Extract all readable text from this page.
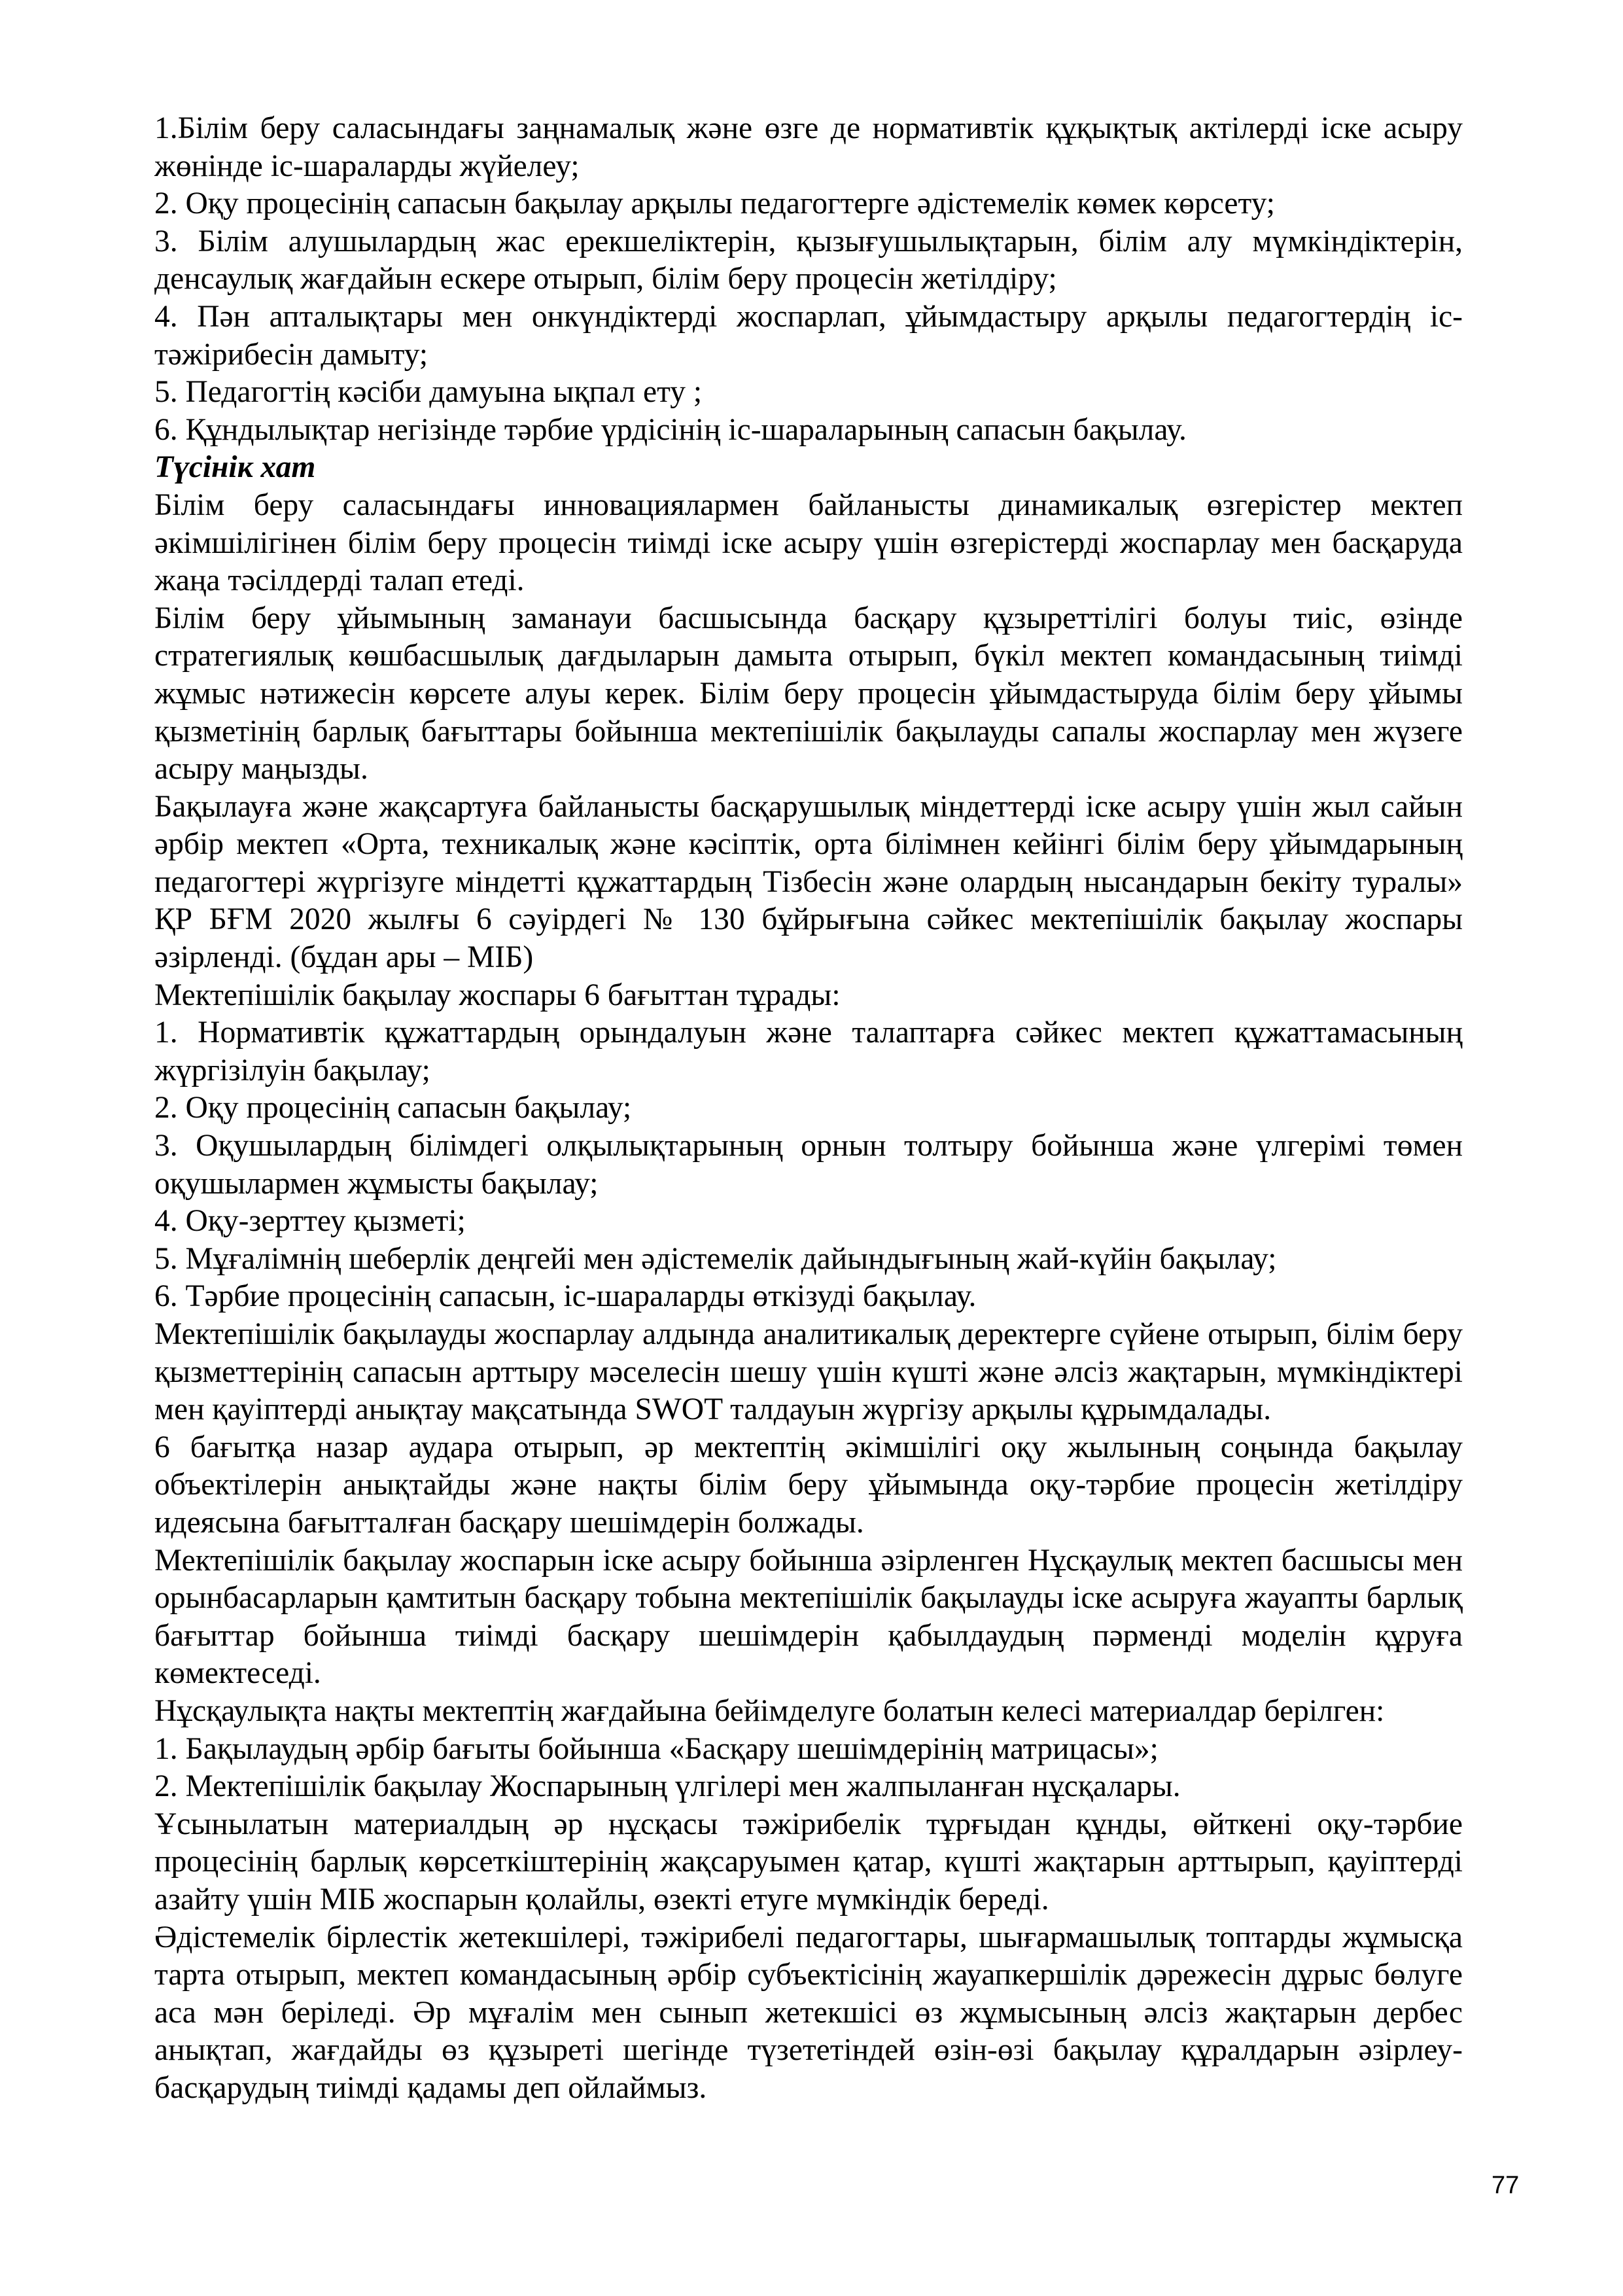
1.Білім беру саласындағы заңнамалық және өзге де нормативтік құқықтық актілерді іске асыру жөнінде іс-шараларды жүйелеу;

2. Оқу процесінің сапасын бақылау арқылы педагогтерге әдістемелік көмек көрсету;

3. Білім алушылардың жас ерекшеліктерін, қызығушылықтарын, білім алу мүмкіндіктерін, денсаулық жағдайын ескере отырып, білім беру процесін жетілдіру;

4. Пән апталықтары мен онкүндіктерді жоспарлап, ұйымдастыру арқылы педагогтердің іс-тәжірибесін дамыту;

5. Педагогтің кәсіби дамуына ықпал ету ;

6. Құндылықтар негізінде тәрбие үрдісінің іс-шараларының сапасын бақылау.

Түсінік хат

Білім беру саласындағы инновациялармен байланысты динамикалық өзгерістер мектеп әкімшілігінен білім беру процесін тиімді іске асыру үшін өзгерістерді жоспарлау мен басқаруда жаңа тәсілдерді талап етеді.

Білім беру ұйымының заманауи басшысында басқару құзыреттілігі болуы тиіс, өзінде стратегиялық көшбасшылық дағдыларын дамыта отырып, бүкіл мектеп командасының тиімді жұмыс нәтижесін көрсете алуы керек. Білім беру процесін ұйымдастыруда білім беру ұйымы қызметінің барлық бағыттары бойынша мектепішілік бақылауды сапалы жоспарлау мен жүзеге асыру маңызды.

Бақылауға және жақсартуға байланысты басқарушылық міндеттерді іске асыру үшін жыл сайын әрбір мектеп «Орта, техникалық және кәсіптік, орта білімнен кейінгі білім беру ұйымдарының педагогтері жүргізуге міндетті құжаттардың Тізбесін және олардың нысандарын бекіту туралы» ҚР БҒМ 2020 жылғы 6 сәуірдегі № 130 бұйрығына сәйкес мектепішілік бақылау жоспары әзірленді. (бұдан ары – МІБ)

Мектепішілік бақылау жоспары 6 бағыттан тұрады:

1. Нормативтік құжаттардың орындалуын және талаптарға сәйкес мектеп құжаттамасының жүргізілуін бақылау;

2. Оқу процесінің сапасын бақылау;

3. Оқушылардың білімдегі олқылықтарының орнын толтыру бойынша және үлгерімі төмен оқушылармен жұмысты бақылау;

4. Оқу-зерттеу қызметі;

5. Мұғалімнің шеберлік деңгейі мен әдістемелік дайындығының жай-күйін бақылау;

6. Тәрбие процесінің сапасын, іс-шараларды өткізуді бақылау.

Мектепішілік бақылауды жоспарлау алдында аналитикалық деректерге сүйене отырып, білім беру қызметтерінің сапасын арттыру мәселесін шешу үшін күшті және әлсіз жақтарын, мүмкіндіктері мен қауіптерді анықтау мақсатында SWOT талдауын жүргізу арқылы құрымдалады.

6 бағытқа назар аудара отырып, әр мектептің әкімшілігі оқу жылының соңында бақылау объектілерін анықтайды және нақты білім беру ұйымында оқу-тәрбие процесін жетілдіру идеясына бағытталған басқару шешімдерін болжады.

Мектепішілік бақылау жоспарын іске асыру бойынша әзірленген Нұсқаулық мектеп басшысы мен орынбасарларын қамтитын басқару тобына мектепішілік бақылауды іске асыруға жауапты барлық бағыттар бойынша тиімді басқару шешімдерін қабылдаудың пәрменді моделін құруға көмектеседі.

Нұсқаулықта нақты мектептің жағдайына бейімделуге болатын келесі материалдар берілген:

1. Бақылаудың әрбір бағыты бойынша «Басқару шешімдерінің матрицасы»;

2. Мектепішілік бақылау Жоспарының үлгілері мен жалпыланған нұсқалары.

Ұсынылатын материалдың әр нұсқасы тәжірибелік тұрғыдан құнды, өйткені оқу-тәрбие процесінің барлық көрсеткіштерінің жақсаруымен қатар, күшті жақтарын арттырып, қауіптерді азайту үшін МІБ жоспарын қолайлы, өзекті етуге мүмкіндік береді.

Әдістемелік бірлестік жетекшілері, тәжірибелі педагогтары, шығармашылық топтарды жұмысқа тарта отырып, мектеп командасының әрбір субъектісінің жауапкершілік дәрежесін дұрыс бөлуге аса мән беріледі. Әр мұғалім мен сынып жетекшісі өз жұмысының әлсіз жақтарын дербес анықтап, жағдайды өз құзыреті шегінде түзететіндей өзін-өзі бақылау құралдарын әзірлеу-басқарудың тиімді қадамы деп ойлаймыз.

77
